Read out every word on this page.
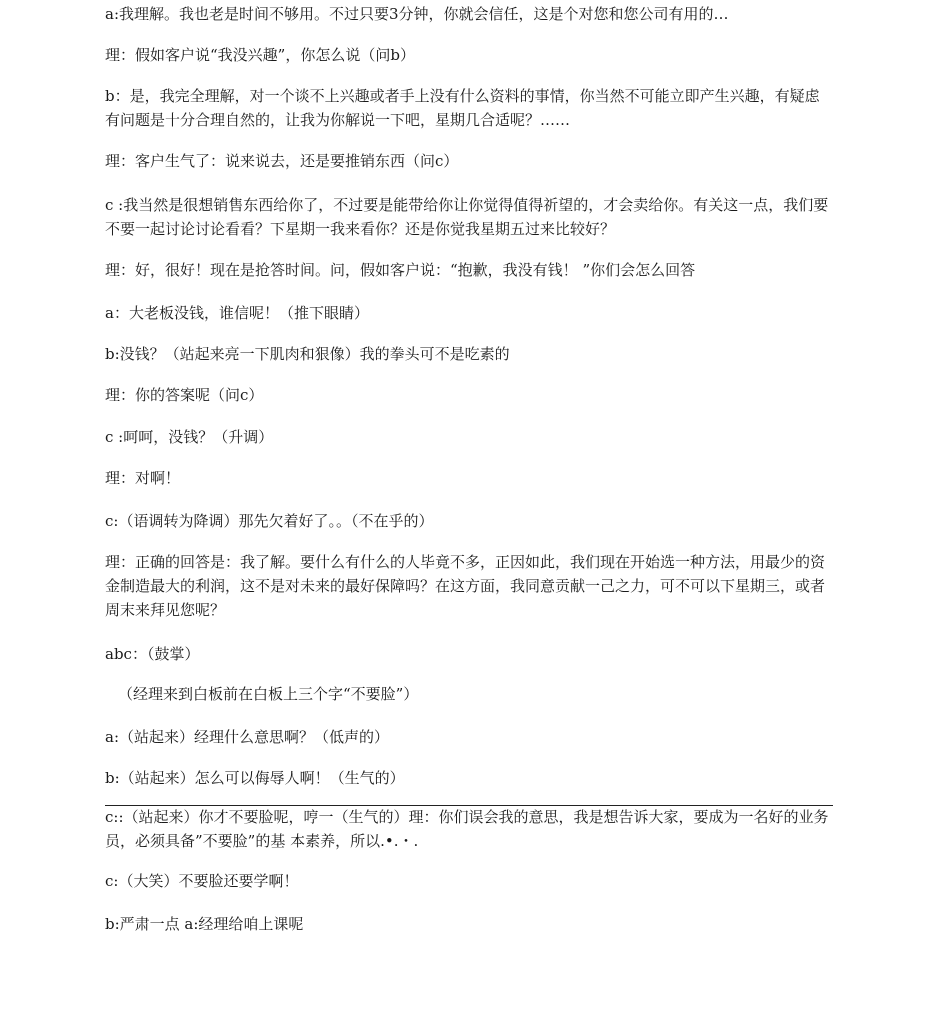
a:我理解。我也老是时间不够用。不过只要3分钟，你就会信任，这是个对您和您公司有用的…
理：假如客户说“我没兴趣”，你怎么说（问b）
b：是，我完全理解，对一个谈不上兴趣或者手上没有什么资料的事情，你当然不可能立即产生兴趣，有疑虑有问题是十分合理自然的，让我为你解说一下吧，星期几合适呢？……
理：客户生气了：说来说去，还是要推销东西（问c）
c :我当然是很想销售东西给你了，不过要是能带给你让你觉得值得祈望的，才会卖给你。有关这一点，我们要不要一起讨论讨论看看？下星期一我来看你？还是你觉我星期五过来比较好？
理：好，很好！现在是抢答时间。问，假如客户说：“抱歉，我没有钱！ ”你们会怎么回答
a：大老板没钱，谁信呢！（推下眼睛）
b:没钱？（站起来亮一下肌肉和狠像）我的拳头可不是吃素的
理：你的答案呢（问c）
c :呵呵，没钱？（升调）
理：对啊！
c:（语调转为降调）那先欠着好了。。（不在乎的）
理：正确的回答是：我了解。要什么有什么的人毕竟不多，正因如此，我们现在开始选一种方法，用最少的资金制造最大的利润，这不是对未来的最好保障吗？在这方面，我同意贡献一己之力，可不可以下星期三，或者周末来拜见您呢？
abc：（鼓掌）
（经理来到白板前在白板上三个字“不要脸”）
a:（站起来）经理什么意思啊？（低声的）
b:（站起来）怎么可以侮辱人啊！（生气的）
c::（站起来）你才不要脸呢，哼一（生气的）理：你们误会我的意思，我是想告诉大家，要成为一名好的业务员，必须具备”不要脸”的基 本素养，所以.•.・.
c:（大笑）不要脸还要学啊！
b:严肃一点 a:经理给咱上课呢
